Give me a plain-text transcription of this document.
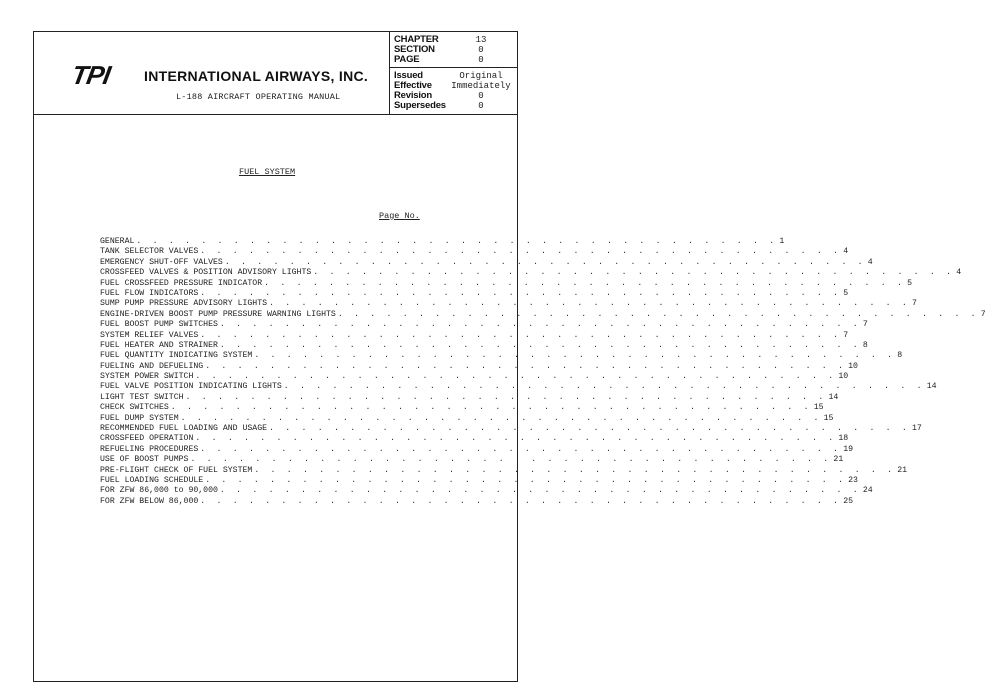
TPI INTERNATIONAL AIRWAYS, INC.
L-188 AIRCRAFT OPERATING MANUAL
CHAPTER	13
SECTION	0
PAGE	0
Issued	Original
Effective	Immediately
Revision	0
Supersedes	0
FUEL SYSTEM
Page No.
GENERAL . . . . . . . . . . . . . . . . . . . . . . . . . . . . . . . . . . . . . . . . 1
TANK SELECTOR VALVES . . . . . . . . . . . . . . . . . . . . . . . . . . . . . . . . . . . . . . . . 4
EMERGENCY SHUT-OFF VALVES . . . . . . . . . . . . . . . . . . . . . . . . . . . . . . . . . . . . . . . . 4
CROSSFEED VALVES & POSITION ADVISORY LIGHTS . . . . . . . . . . . . . . . . . . . . . . . . . . . . . . . . . . . . . . . . 4
FUEL CROSSFEED PRESSURE INDICATOR . . . . . . . . . . . . . . . . . . . . . . . . . . . . . . . . . . . . . . . . 5
FUEL FLOW INDICATORS . . . . . . . . . . . . . . . . . . . . . . . . . . . . . . . . . . . . . . . . 5
SUMP PUMP PRESSURE ADVISORY LIGHTS . . . . . . . . . . . . . . . . . . . . . . . . . . . . . . . . . . . . . . . . 7
ENGINE-DRIVEN BOOST PUMP PRESSURE WARNING LIGHTS . . . . . . . . . . . . . . . . . . . . . . . . . . . . . . . . . . . . . . . . 7
FUEL BOOST PUMP SWITCHES . . . . . . . . . . . . . . . . . . . . . . . . . . . . . . . . . . . . . . . . 7
SYSTEM RELIEF VALVES . . . . . . . . . . . . . . . . . . . . . . . . . . . . . . . . . . . . . . . . 7
FUEL HEATER AND STRAINER . . . . . . . . . . . . . . . . . . . . . . . . . . . . . . . . . . . . . . . . 8
FUEL QUANTITY INDICATING SYSTEM . . . . . . . . . . . . . . . . . . . . . . . . . . . . . . . . . . . . . . . . 8
FUELING AND DEFUELING . . . . . . . . . . . . . . . . . . . . . . . . . . . . . . . . . . . . . . . . 10
SYSTEM POWER SWITCH . . . . . . . . . . . . . . . . . . . . . . . . . . . . . . . . . . . . . . . . 10
FUEL VALVE POSITION INDICATING LIGHTS . . . . . . . . . . . . . . . . . . . . . . . . . . . . . . . . . . . . . . . . 14
LIGHT TEST SWITCH . . . . . . . . . . . . . . . . . . . . . . . . . . . . . . . . . . . . . . . . 14
CHECK SWITCHES . . . . . . . . . . . . . . . . . . . . . . . . . . . . . . . . . . . . . . . . 15
FUEL DUMP SYSTEM . . . . . . . . . . . . . . . . . . . . . . . . . . . . . . . . . . . . . . . . 15
RECOMMENDED FUEL LOADING AND USAGE . . . . . . . . . . . . . . . . . . . . . . . . . . . . . . . . . . . . . . . . 17
CROSSFEED OPERATION . . . . . . . . . . . . . . . . . . . . . . . . . . . . . . . . . . . . . . . . 18
REFUELING PROCEDURES . . . . . . . . . . . . . . . . . . . . . . . . . . . . . . . . . . . . . . . . 19
USE OF BOOST PUMPS . . . . . . . . . . . . . . . . . . . . . . . . . . . . . . . . . . . . . . . . 21
PRE-FLIGHT CHECK OF FUEL SYSTEM . . . . . . . . . . . . . . . . . . . . . . . . . . . . . . . . . . . . . . . . 21
FUEL LOADING SCHEDULE . . . . . . . . . . . . . . . . . . . . . . . . . . . . . . . . . . . . . . . . 23
FOR ZFW 86,000 to 90,000 . . . . . . . . . . . . . . . . . . . . . . . . . . . . . . . . . . . . . . . . 24
FOR ZFW BELOW 86,000 . . . . . . . . . . . . . . . . . . . . . . . . . . . . . . . . . . . . . . . . 25
